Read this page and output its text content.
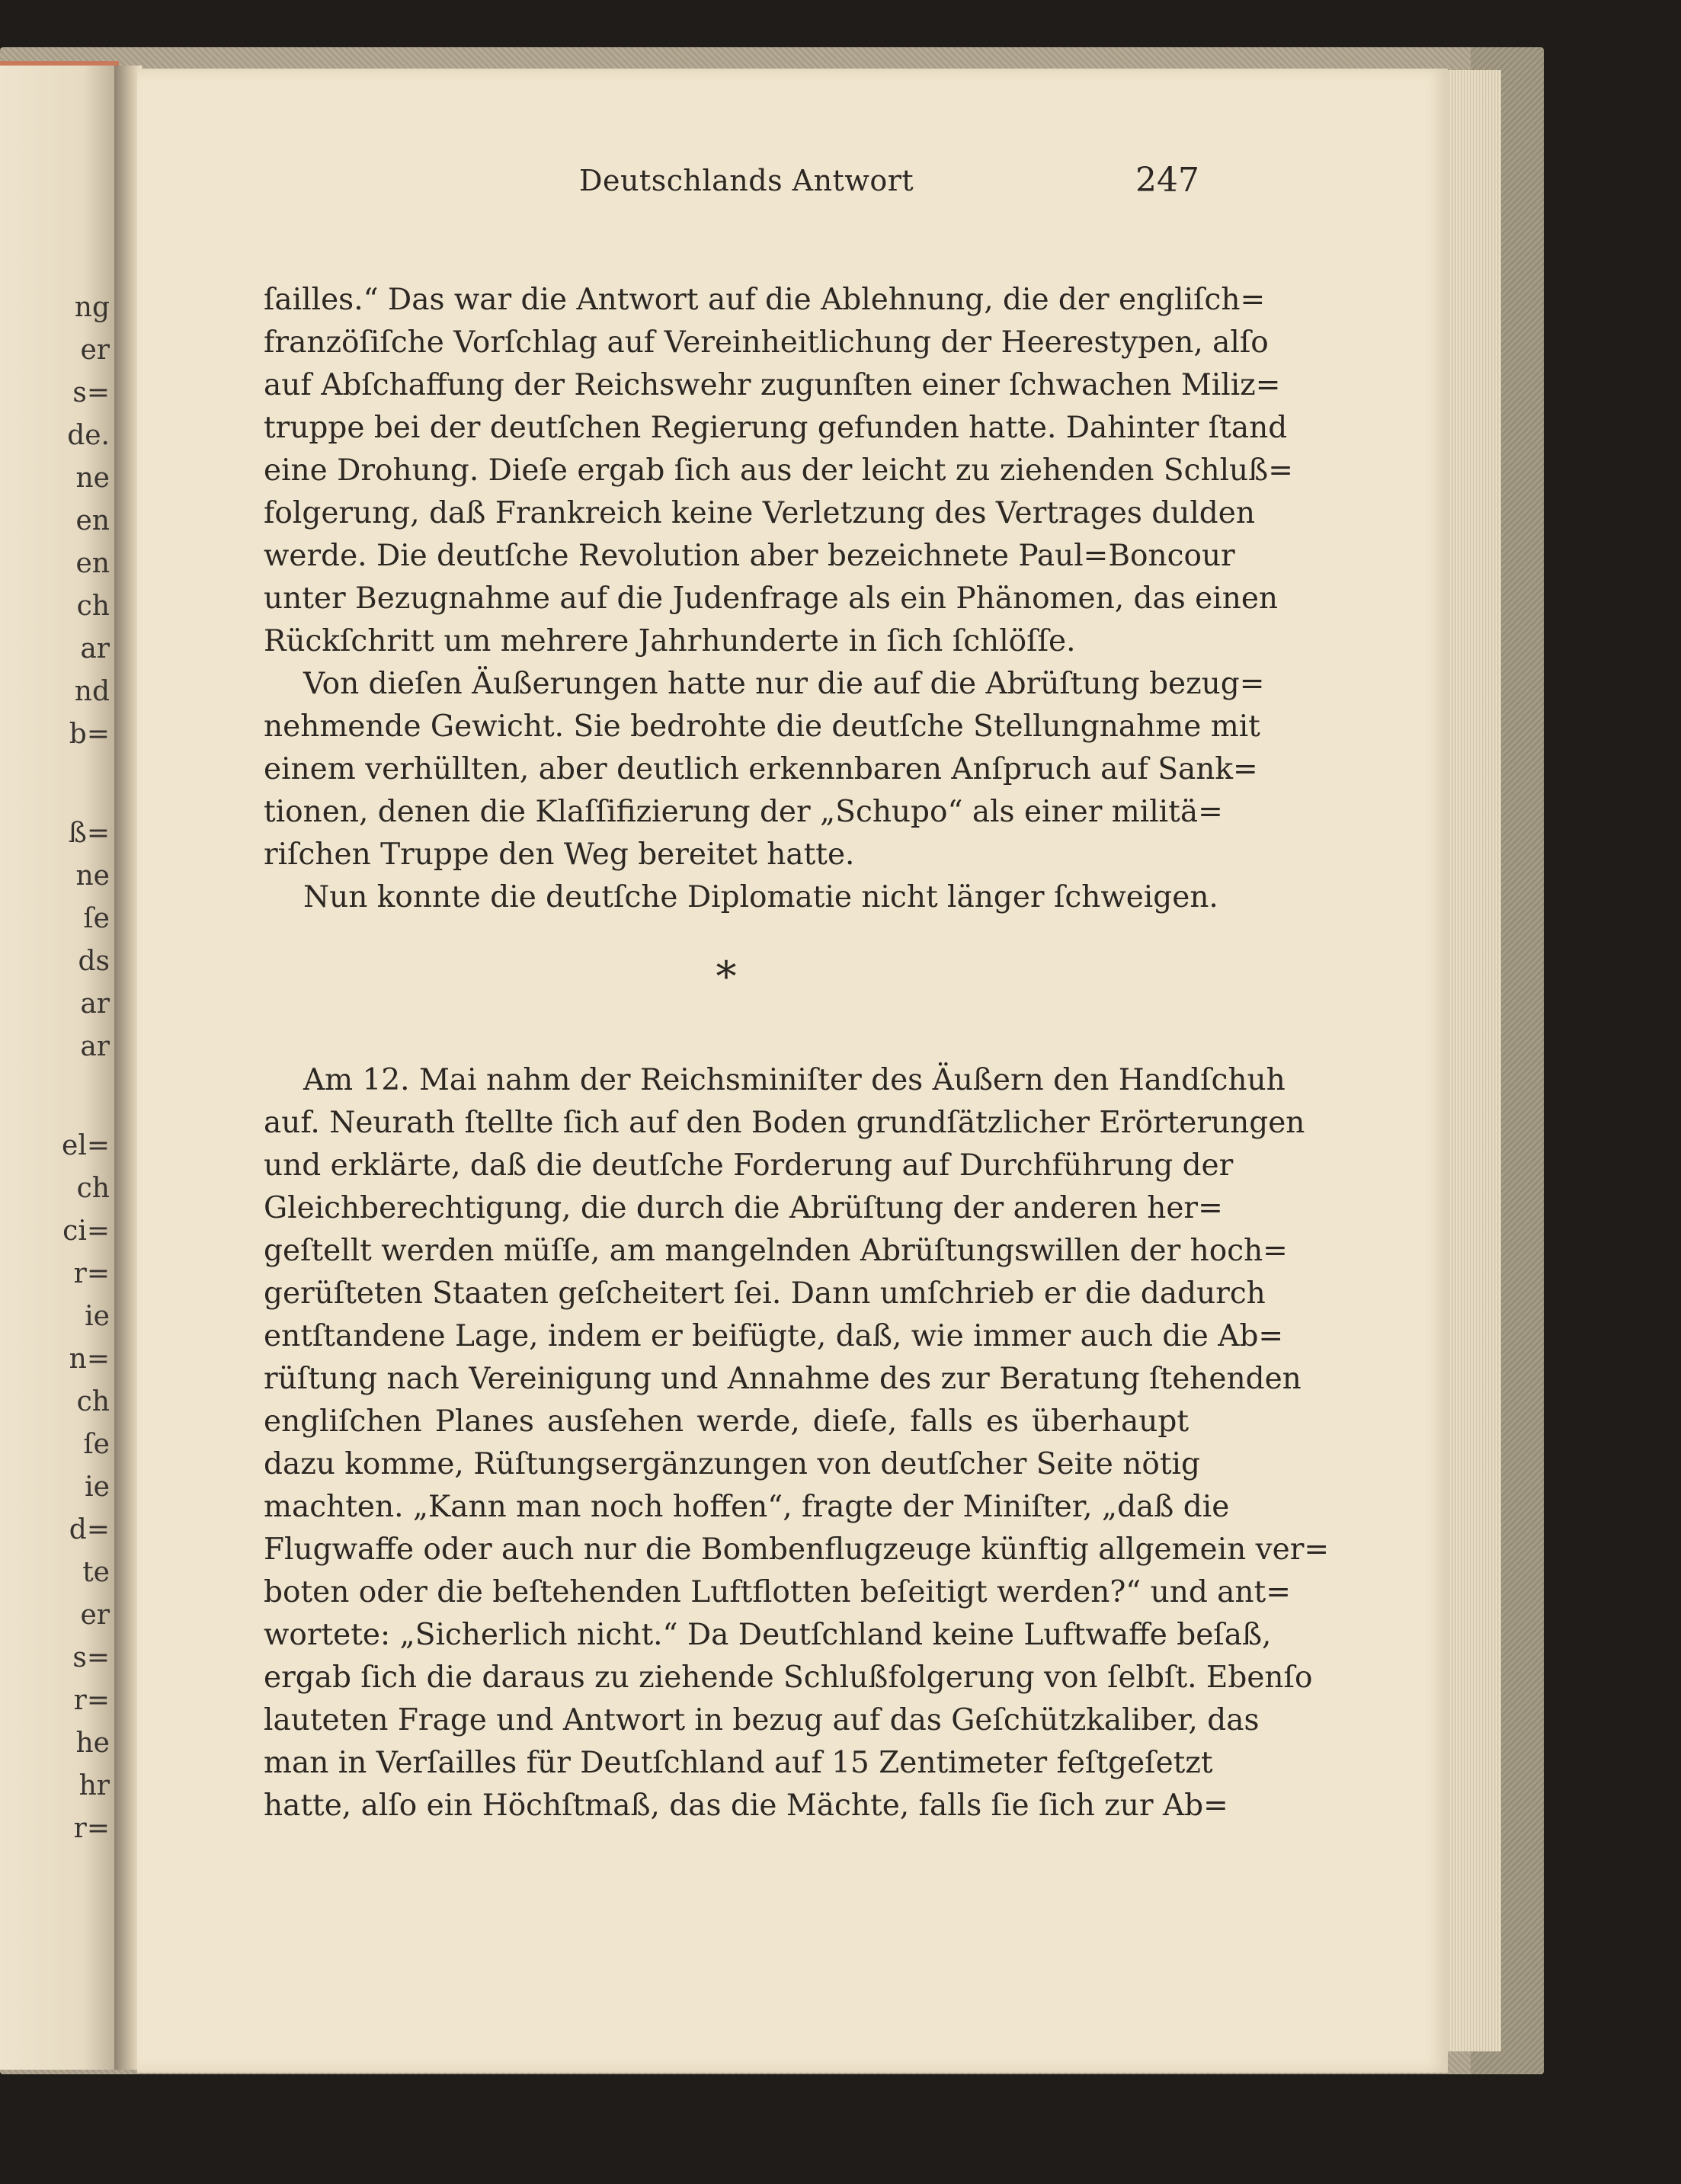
ng
er
s=
de.
ne
en
en
ch
ar
nd
b=
ß=
ne
ſe
ds
ar
ar
el=
ch
ci=
r=
ie
n=
ch
ſe
ie
d=
te
er
s=
r=
he
hr
r=
Deutschlands Antwort	247
ſailles.“ Das war die Antwort auf die Ablehnung, die der engliſch=
franzöſiſche Vorſchlag auf Vereinheitlichung der Heerestypen, alſo
auf Abſchaffung der Reichswehr zugunſten einer ſchwachen Miliz=
truppe bei der deutſchen Regierung gefunden hatte. Dahinter ſtand
eine Drohung. Dieſe ergab ſich aus der leicht zu ziehenden Schluß=
folgerung, daß Frankreich keine Verletzung des Vertrages dulden
werde. Die deutſche Revolution aber bezeichnete Paul=Boncour
unter Bezugnahme auf die Judenfrage als ein Phänomen, das einen
Rückſchritt um mehrere Jahrhunderte in ſich ſchlöſſe.
Von dieſen Äußerungen hatte nur die auf die Abrüſtung bezug=
nehmende Gewicht. Sie bedrohte die deutſche Stellungnahme mit
einem verhüllten, aber deutlich erkennbaren Anſpruch auf Sank=
tionen, denen die Klaſſifizierung der „Schupo“ als einer militä=
riſchen Truppe den Weg bereitet hatte.
Nun konnte die deutſche Diplomatie nicht länger ſchweigen.
*
Am 12. Mai nahm der Reichsminiſter des Äußern den Handſchuh
auf. Neurath ſtellte ſich auf den Boden grundſätzlicher Erörterungen
und erklärte, daß die deutſche Forderung auf Durchführung der
Gleichberechtigung, die durch die Abrüſtung der anderen her=
geſtellt werden müſſe, am mangelnden Abrüſtungswillen der hoch=
gerüſteten Staaten geſcheitert ſei. Dann umſchrieb er die dadurch
entſtandene Lage, indem er beifügte, daß, wie immer auch die Ab=
rüſtung nach Vereinigung und Annahme des zur Beratung ſtehenden
engliſchen Planes ausſehen werde, dieſe, falls es überhaupt
dazu komme, Rüſtungsergänzungen von deutſcher Seite nötig
machten. „Kann man noch hoffen“, fragte der Miniſter, „daß die
Flugwaffe oder auch nur die Bombenflugzeuge künftig allgemein ver=
boten oder die beſtehenden Luftflotten beſeitigt werden?“ und ant=
wortete: „Sicherlich nicht.“ Da Deutſchland keine Luftwaffe beſaß,
ergab ſich die daraus zu ziehende Schlußfolgerung von ſelbſt. Ebenſo
lauteten Frage und Antwort in bezug auf das Geſchützkaliber, das
man in Verſailles für Deutſchland auf 15 Zentimeter feſtgeſetzt
hatte, alſo ein Höchſtmaß, das die Mächte, falls ſie ſich zur Ab=
